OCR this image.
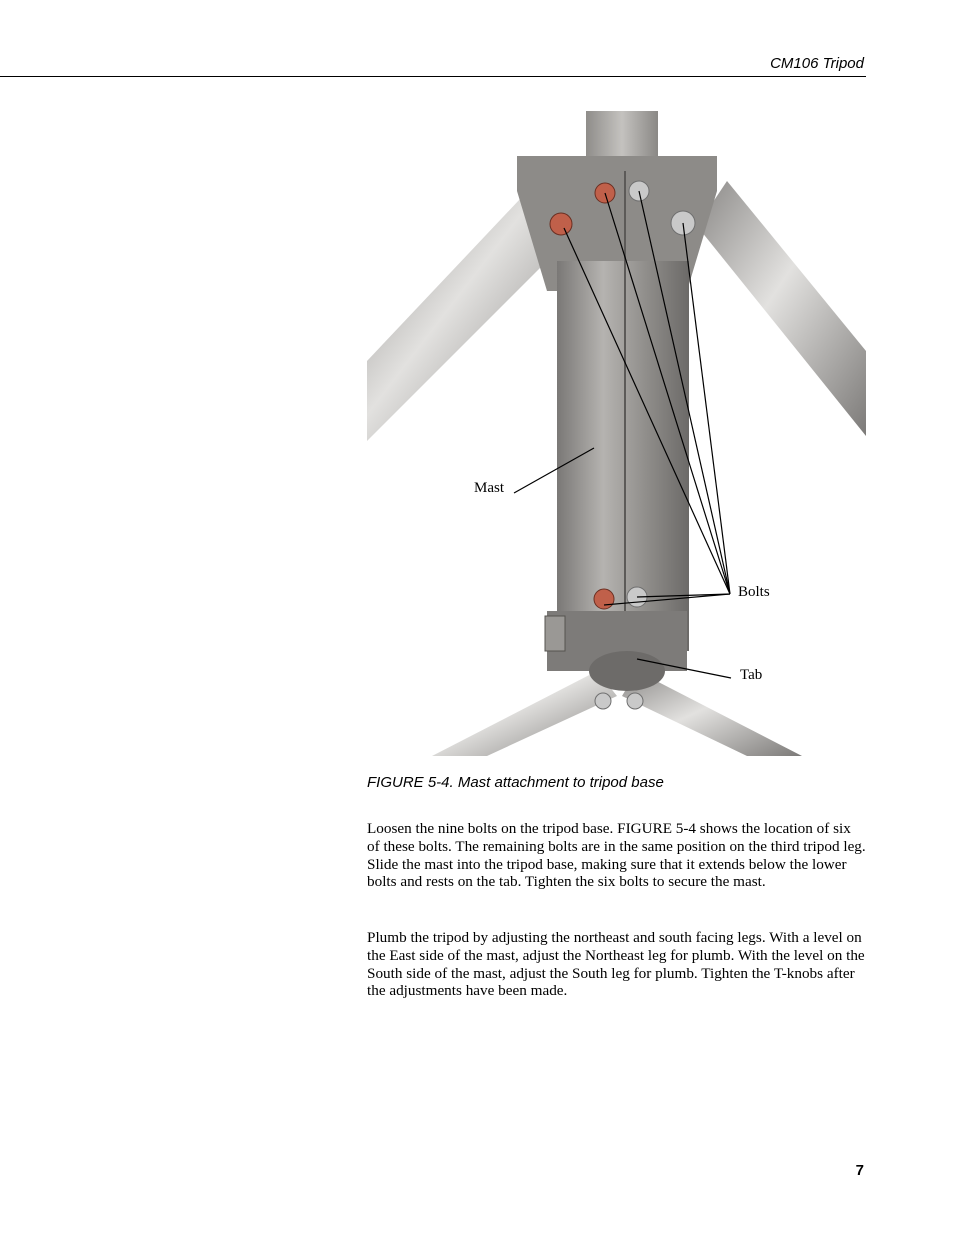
CM106 Tripod
Mast
Bolts
Tab
FIGURE 5-4. Mast attachment to tripod base

Loosen the nine bolts on the tripod base. FIGURE 5-4 shows the location of six of these bolts. The remaining bolts are in the same position on the third tripod leg. Slide the mast into the tripod base, making sure that it extends below the lower bolts and rests on the tab. Tighten the six bolts to secure the mast.

Plumb the tripod by adjusting the northeast and south facing legs. With a level on the East side of the mast, adjust the Northeast leg for plumb. With the level on the South side of the mast, adjust the South leg for plumb. Tighten the T-knobs after the adjustments have been made.

7
